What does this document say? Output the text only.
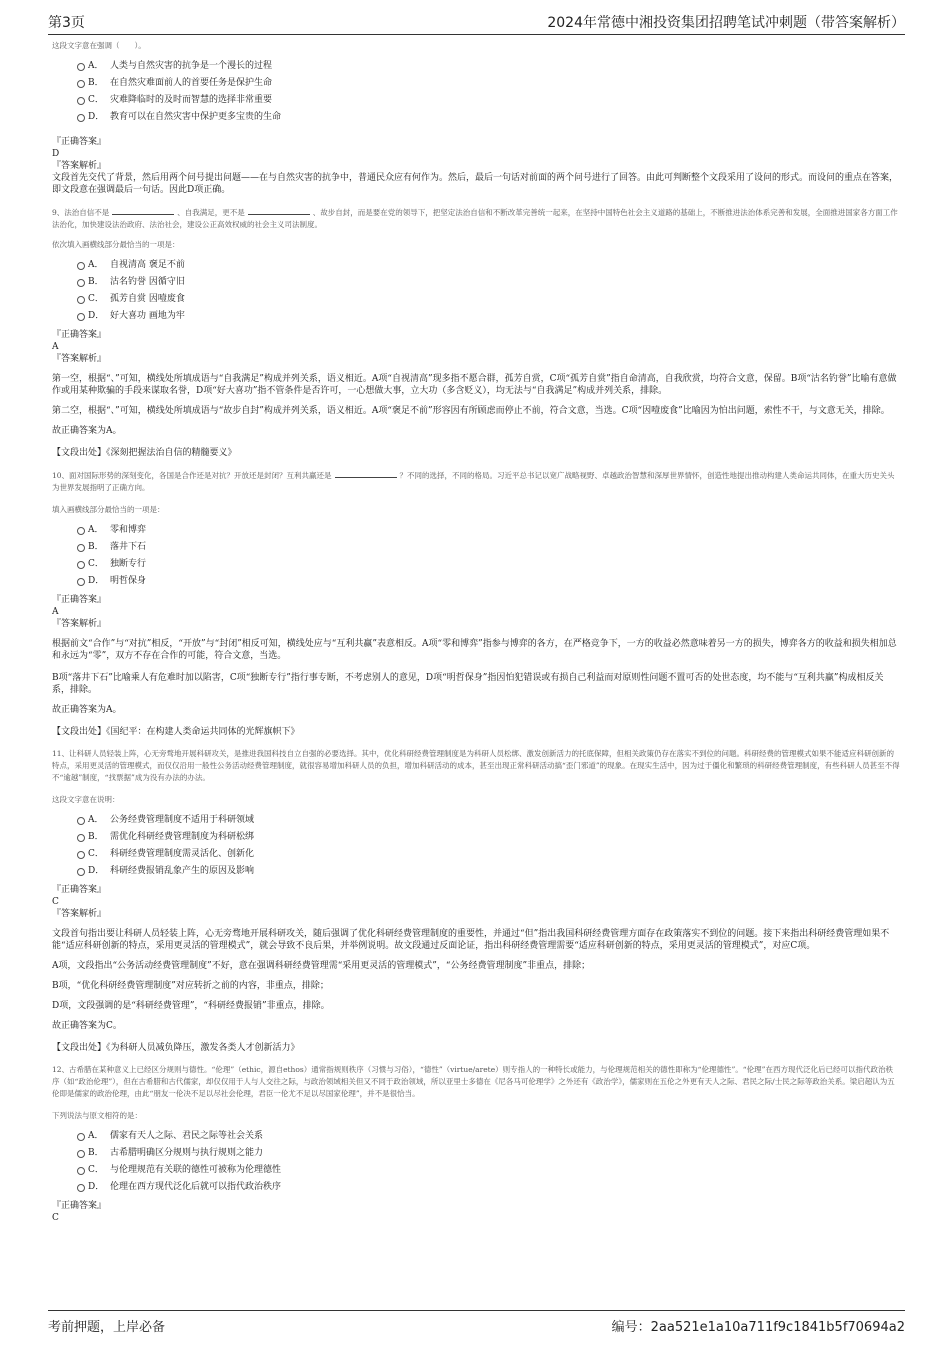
第3页	2024年常德中湘投资集团招聘笔试冲刺题（带答案解析）

这段文字意在强调（　　）。

A． 人类与自然灾害的抗争是一个漫长的过程
B． 在自然灾难面前人的首要任务是保护生命
C． 灾难降临时的及时而智慧的选择非常重要
D． 教育可以在自然灾害中保护更多宝贵的生命

『正确答案』

D

『答案解析』

文段首先交代了背景，然后用两个问号提出问题——在与自然灾害的抗争中，普通民众应有何作为。然后，最后一句话对前面的两个问号进行了回答。由此可判断整个文段采用了设问的形式。而设问的重点在答案，即文段意在强调最后一句话。因此D项正确。

9、法治自信不是	、自我满足，更不是	、故步自封，而是要在党的领导下，把坚定法治自信和不断改革完善统一起来，在坚持中国特色社会主义道路的基础上，不断推进法治体系完善和发展，全面推进国家各方面工作法治化，加快建设法治政府、法治社会，建设公正高效权威的社会主义司法制度。

依次填入画横线部分最恰当的一项是：

A． 自视清高 褒足不前
B． 沽名钓誉 因循守旧
C． 孤芳自赏 因噎废食
D． 好大喜功 画地为牢

『正确答案』

A

『答案解析』

第一空，根据“、”可知，横线处所填成语与“自我满足”构成并列关系，语义相近。A项“自视清高”现多指不愿合群，孤芳自赏，C项“孤芳自赏”指自命清高，自我欣赏，均符合文意，保留。B项“沽名钓誉”比喻有意做作或用某种欺骗的手段来谋取名誉，D项“好大喜功”指不管条件是否许可，一心想做大事，立大功（多含贬义），均无法与“自我满足”构成并列关系，排除。

第二空，根据“、”可知，横线处所填成语与“故步自封”构成并列关系，语义相近。A项“褒足不前”形容因有所顾虑而停止不前，符合文意，当选。C项“因噎废食”比喻因为怕出问题，索性不干，与文意无关，排除。

故正确答案为A。

【文段出处】《深刻把握法治自信的精髓要义》

10、面对国际形势的深刻变化，各国是合作还是对抗？开放还是封闭？互利共赢还是	？不同的选择，不同的格局。习近平总书记以宽广战略视野、卓越政治智慧和深厚世界情怀，创造性地提出推动构建人类命运共同体，在重大历史关头为世界发展指明了正确方向。

填入画横线部分最恰当的一项是：

A． 零和博弈
B． 落井下石
C． 独断专行
D． 明哲保身

『正确答案』

A

『答案解析』

根据前文“合作”与“对抗”相反，“开放”与“封闭”相反可知，横线处应与“互利共赢”表意相反。A项“零和博弈”指参与博弈的各方，在严格竞争下，一方的收益必然意味着另一方的损失，博弈各方的收益和损失相加总和永远为“零”，双方不存在合作的可能，符合文意，当选。

B项“落井下石”比喻乘人有危难时加以陷害，C项“独断专行”指行事专断，不考虑别人的意见，D项“明哲保身”指因怕犯错误或有损自己利益而对原则性问题不置可否的处世态度，均不能与“互利共赢”构成相反关系，排除。

故正确答案为A。

【文段出处】《国纪平：在构建人类命运共同体的光辉旗帜下》

11、让科研人员轻装上阵，心无旁骛地开展科研攻关，是推进我国科技自立自强的必要选择。其中，优化科研经费管理制度是为科研人员松绑、激发创新活力的托底保障，但相关政策仍存在落实不到位的问题。科研经费的管理模式如果不能适应科研创新的特点，采用更灵活的管理模式，而仅仅沿用一般性公务活动经费管理制度，就很容易增加科研人员的负担，增加科研活动的成本，甚至出现正常科研活动搞“歪门邪道”的现象。在现实生活中，因为过于僵化和繁琐的科研经费管理制度，有些科研人员甚至不得不“逾越”制度，“找票据”成为没有办法的办法。

这段文字意在说明：

A． 公务经费管理制度不适用于科研领域
B． 需优化科研经费管理制度为科研松绑
C． 科研经费管理制度需灵活化、创新化
D． 科研经费报销乱象产生的原因及影响

『正确答案』

C

『答案解析』

文段首句指出要让科研人员轻装上阵，心无旁骛地开展科研攻关，随后强调了优化科研经费管理制度的重要性，并通过“但”指出我国科研经费管理方面存在政策落实不到位的问题。接下来指出科研经费管理如果不能“适应科研创新的特点，采用更灵活的管理模式”，就会导致不良后果，并举例说明。故文段通过反面论证，指出科研经费管理需要“适应科研创新的特点，采用更灵活的管理模式”，对应C项。

A项，文段指出“公务活动经费管理制度”不好，意在强调科研经费管理需“采用更灵活的管理模式”，“公务经费管理制度”非重点，排除；

B项，“优化科研经费管理制度”对应转折之前的内容，非重点，排除；

D项，文段强调的是“科研经费管理”，“科研经费报销”非重点，排除。

故正确答案为C。

【文段出处】《为科研人员减负降压，激发各类人才创新活力》

12、古希腊在某种意义上已经区分规则与德性。“伦理”（ethic，源自ethos）通常指规则秩序（习惯与习俗），“德性”（virtue/arete）则专指人的一种特长或能力，与伦理规范相关的德性即称为“伦理德性”。“伦理”在西方现代泛化后已经可以指代政治秩序（如“政治伦理”），但在古希腊和古代儒家，却仅仅用于人与人交往之际，与政治领域相关但又不同于政治领域，所以亚里士多德在《尼各马可伦理学》之外还有《政治学》，儒家则在五伦之外更有天人之际、君民之际/士民之际等政治关系。梁启超认为五伦即是儒家的政治伦理，由此“朋友一伦决不足以尽社会伦理，君臣一伦尤不足以尽国家伦理”，并不是很恰当。

下列说法与原文相符的是：

A． 儒家有天人之际、君民之际等社会关系
B． 古希腊明确区分规则与执行规则之能力
C． 与伦理规范有关联的德性可被称为伦理德性
D． 伦理在西方现代泛化后就可以指代政治秩序

『正确答案』

C

考前押题，上岸必备	编号：2aa521e1a10a711f9c1841b5f70694a2
